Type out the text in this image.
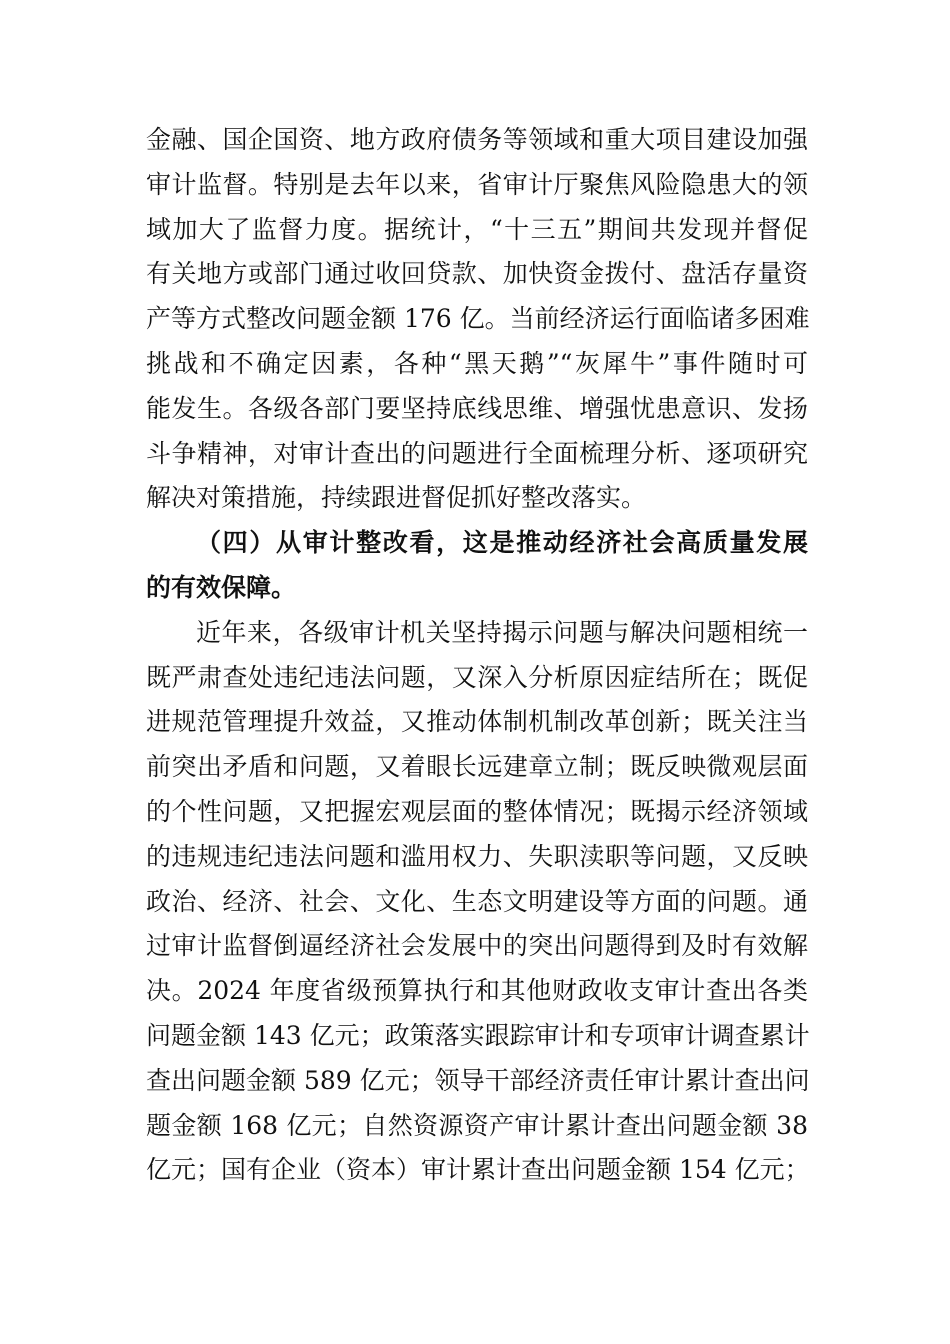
金融、国企国资、地方政府债务等领域和重大项目建设加强

审计监督。特别是去年以来，省审计厅聚焦风险隐患大的领

域加大了监督力度。据统计，“十三五”期间共发现并督促

有关地方或部门通过收回贷款、加快资金拨付、盘活存量资

产等方式整改问题金额 176 亿。当前经济运行面临诸多困难

挑战和不确定因素，各种“黑天鹅”“灰犀牛”事件随时可

能发生。各级各部门要坚持底线思维、增强忧患意识、发扬

斗争精神，对审计查出的问题进行全面梳理分析、逐项研究

解决对策措施，持续跟进督促抓好整改落实。

（四）从审计整改看，这是推动经济社会高质量发展

的有效保障。

近年来，各级审计机关坚持揭示问题与解决问题相统一

既严肃查处违纪违法问题，又深入分析原因症结所在；既促

进规范管理提升效益，又推动体制机制改革创新；既关注当

前突出矛盾和问题，又着眼长远建章立制；既反映微观层面

的个性问题，又把握宏观层面的整体情况；既揭示经济领域

的违规违纪违法问题和滥用权力、失职渎职等问题，又反映

政治、经济、社会、文化、生态文明建设等方面的问题。通

过审计监督倒逼经济社会发展中的突出问题得到及时有效解

决。2024 年度省级预算执行和其他财政收支审计查出各类

问题金额 143 亿元；政策落实跟踪审计和专项审计调查累计

查出问题金额 589 亿元；领导干部经济责任审计累计查出问

题金额 168 亿元；自然资源资产审计累计查出问题金额 38

亿元；国有企业（资本）审计累计查出问题金额 154 亿元；
